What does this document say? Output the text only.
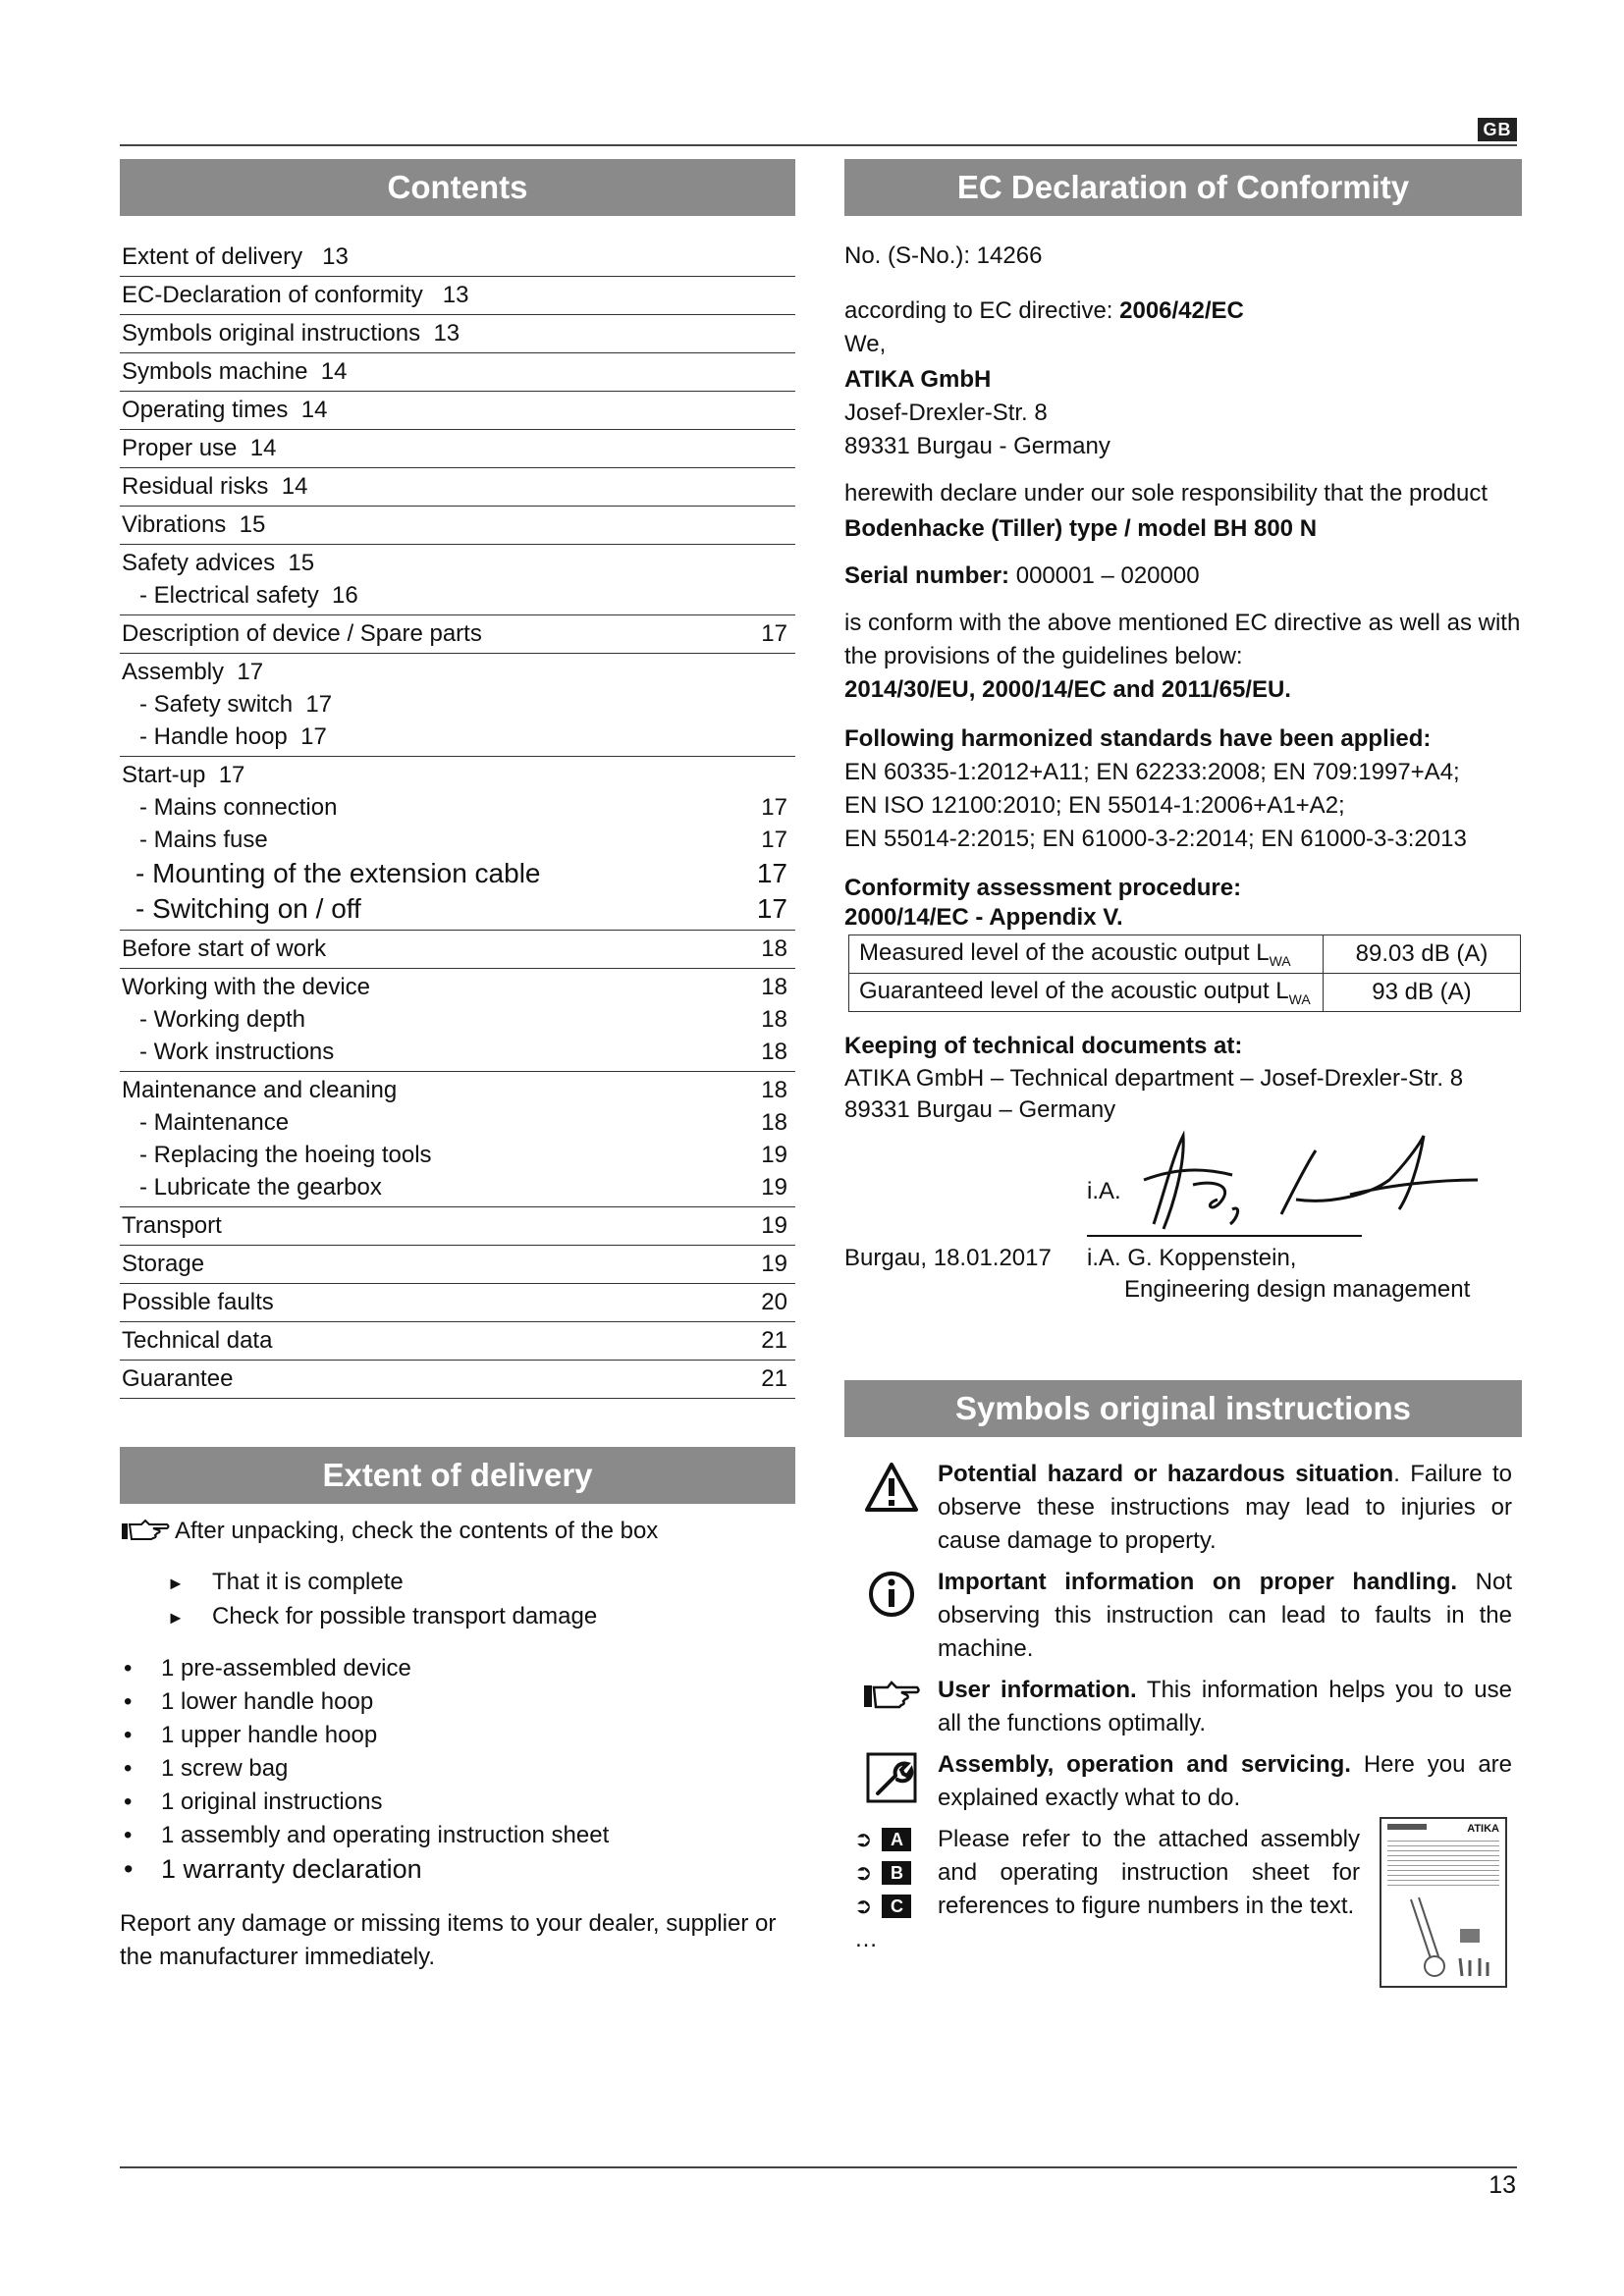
GB
Contents
Extent of delivery   13
EC-Declaration of conformity   13
Symbols original instructions  13
Symbols machine  14
Operating times  14
Proper use  14
Residual risks  14
Vibrations  15
Safety advices  15
- Electrical safety  16
Description of device / Spare parts	17
Assembly  17
- Safety switch  17
- Handle hoop  17
Start-up  17
- Mains connection	17
- Mains fuse	17
- Mounting of the extension cable	17
- Switching on / off	17
Before start of work	18
Working with the device	18
- Working depth	18
- Work instructions	18
Maintenance and cleaning	18
- Maintenance	18
- Replacing the hoeing tools	19
- Lubricate the gearbox	19
Transport	19
Storage	19
Possible faults	20
Technical data	21
Guarantee	21
Extent of delivery
After unpacking, check the contents of the box
► That it is complete
► Check for possible transport damage
• 1 pre-assembled device
• 1 lower handle hoop
• 1 upper handle hoop
• 1 screw bag
• 1 original instructions
• 1 assembly and operating instruction sheet
• 1 warranty declaration
Report any damage or missing items to your dealer, supplier or the manufacturer immediately.
EC Declaration of Conformity
No. (S-No.): 14266
according to EC directive: 2006/42/EC
We,
ATIKA GmbH
Josef-Drexler-Str. 8
89331 Burgau - Germany
herewith declare under our sole responsibility that the product
Bodenhacke (Tiller) type / model BH 800 N
Serial number: 000001 – 020000
is conform with the above mentioned EC directive as well as with the provisions of the guidelines below:
2014/30/EU, 2000/14/EC and 2011/65/EU.
Following harmonized standards have been applied:
EN 60335-1:2012+A11; EN 62233:2008; EN 709:1997+A4;
EN ISO 12100:2010; EN 55014-1:2006+A1+A2;
EN 55014-2:2015; EN 61000-3-2:2014; EN 61000-3-3:2013
Conformity assessment procedure:
2000/14/EC - Appendix V.
Measured level of the acoustic output $L_{WA}$	89.03 dB (A)
Guaranteed level of the acoustic output $L_{WA}$	93 dB (A)
Keeping of technical documents at:
ATIKA GmbH – Technical department – Josef-Drexler-Str. 8
89331 Burgau – Germany
i.A.
Burgau, 18.01.2017 i.A. G. Koppenstein,
Engineering design management
Symbols original instructions
Potential hazard or hazardous situation. Failure to observe these instructions may lead to injuries or cause damage to property.
Important information on proper handling. Not observing this instruction can lead to faults in the machine.
User information. This information helps you to use all the functions optimally.
Assembly, operation and servicing. Here you are explained exactly what to do.
➲	A
➲	B
➲	C
…
Please refer to the attached assembly and operating instruction sheet for references to figure numbers in the text.
ATIKA
13
